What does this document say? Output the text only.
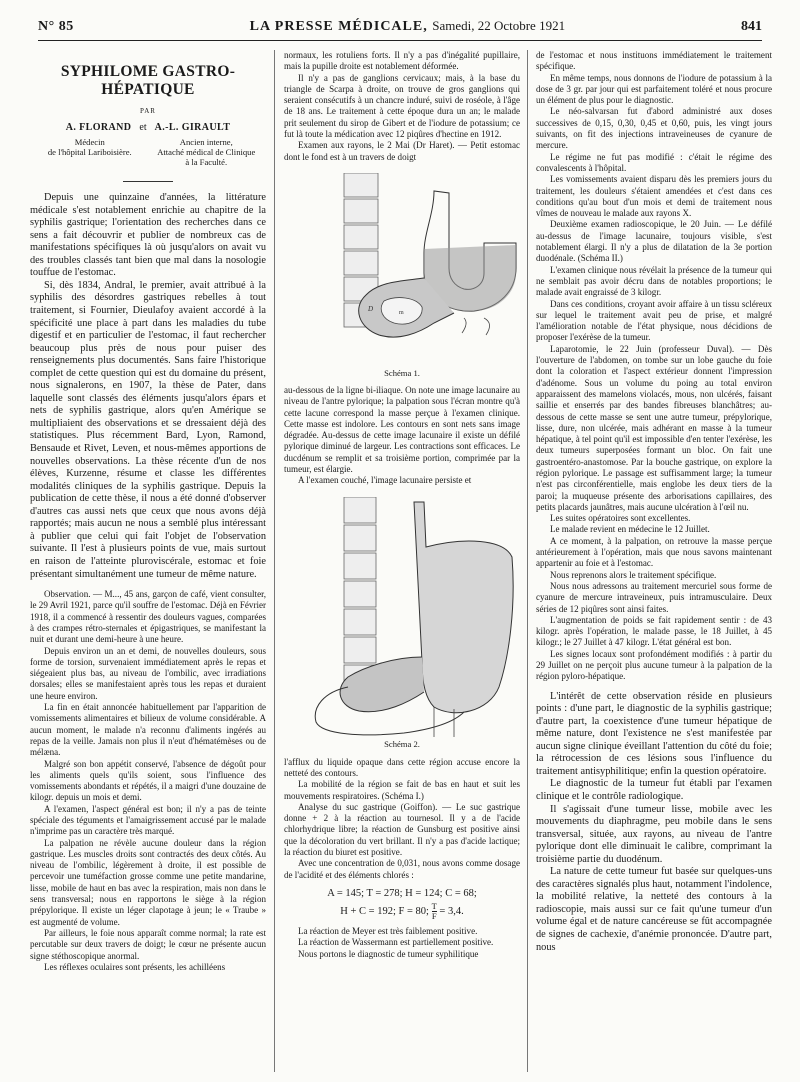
N° 85	LA PRESSE MÉDICALE, Samedi, 22 Octobre 1921	841
SYPHILOME GASTRO-HÉPATIQUE
PAR
A. FLORAND et A.-L. GIRAULT
Médecin
de l'hôpital Lariboisière.
Ancien interne,
Attaché médical de Clinique
à la Faculté.

Depuis une quinzaine d'années, la littérature médicale s'est notablement enrichie au chapitre de la syphilis gastrique; l'orientation des recherches dans ce sens a fait découvrir et publier de nombreux cas de manifestations spécifiques là où jusqu'alors on avait vu des troubles classés tant bien que mal dans la nosologie touffue de l'estomac.

Si, dès 1834, Andral, le premier, avait attribué à la syphilis des désordres gastriques rebelles à tout traitement, si Fournier, Dieulafoy avaient accordé à la spécificité une place à part dans les maladies du tube digestif et en particulier de l'estomac, il faut rechercher beaucoup plus près de nous pour puiser des renseignements plus documentés. Sans faire l'historique complet de cette question qui est du domaine du présent, nous signalerons, en 1907, la thèse de Pater, dans laquelle sont classés des éléments jusqu'alors épars et nets de syphilis gastrique, alors qu'en Amérique se multipliaient des observations et se dressaient déjà des statistiques. Plus récemment Bard, Lyon, Ramond, Bensaude et Rivet, Leven, et nous-mêmes apportions de nouvelles observations. La thèse récente d'un de nos élèves, Kurzenne, résume et classe les différentes modalités cliniques de la syphilis gastrique. Depuis la publication de cette thèse, il nous a été donné d'observer d'autres cas aussi nets que ceux que nous avons déjà rapportés; mais aucun ne nous a semblé plus intéressant à publier que celui qui fait l'objet de l'observation suivante. Il l'est à plusieurs points de vue, mais surtout en raison de l'atteinte pluroviscérale, estomac et foie présentant simultanément une tumeur de même nature.

Observation. — M..., 45 ans, garçon de café, vient consulter, le 29 Avril 1921, parce qu'il souffre de l'estomac. Déjà en Février 1918, il a commencé à ressentir des douleurs vagues, comparées à des crampes rétro-sternales et épigastriques, se manifestant la nuit et durant une demi-heure à une heure.

Depuis environ un an et demi, de nouvelles douleurs, sous forme de torsion, survenaient immédiatement après le repas et siégeaient plus bas, au niveau de l'ombilic, avec irradiations dorsales; elles se manifestaient après tous les repas et duraient une heure environ.

La fin en était annoncée habituellement par l'apparition de vomissements alimentaires et bilieux de volume considérable. A aucun moment, le malade n'a reconnu d'aliments ingérés au repas de la veille. Jamais non plus il n'eut d'hématémèses ou de mélæna.

Malgré son bon appétit conservé, l'absence de dégoût pour les aliments quels qu'ils soient, sous l'influence des vomissements abondants et répétés, il a maigri d'une douzaine de kilogr. depuis un mois et demi.

A l'examen, l'aspect général est bon; il n'y a pas de teinte spéciale des téguments et l'amaigrissement accusé par le malade n'imprime pas un caractère très marqué.

La palpation ne révèle aucune douleur dans la région gastrique. Les muscles droits sont contractés des deux côtés. Au niveau de l'ombilic, légèrement à droite, il est possible de percevoir une tuméfaction grosse comme une petite mandarine, lisse, mobile de haut en bas avec la respiration, mais non dans le sens transversal; nous en rapportons le siège à la région prépylorique. Il existe un léger clapotage à jeun; le « Traube » est augmenté de volume.

Par ailleurs, le foie nous apparaît comme normal; la rate est percutable sur deux travers de doigt; le cœur ne présente aucun signe stéthoscopique anormal.

Les réflexes oculaires sont présents, les achilléens

normaux, les rotuliens forts. Il n'y a pas d'inégalité pupillaire, mais la pupille droite est notablement déformée.

Il n'y a pas de ganglions cervicaux; mais, à la base du triangle de Scarpa à droite, on trouve de gros ganglions qui seraient consécutifs à un chancre induré, suivi de roséole, à l'âge de 18 ans. Le traitement à cette époque dura un an; le malade prit seulement du sirop de Gibert et de l'iodure de potassium; ce fut là toute la médication avec 12 piqûres d'hectine en 1912.

Examen aux rayons, le 2 Mai (Dr Haret). — Petit estomac dont le fond est à un travers de doigt

D	m
Schéma 1.

au-dessous de la ligne bi-iliaque. On note une image lacunaire au niveau de l'antre pylorique; la palpation sous l'écran montre qu'à cette lacune correspond la masse perçue à l'examen clinique. Cette masse est indolore. Les contours en sont nets sans image dégradée. Au-dessus de cette image lacunaire il existe un défilé pylorique diminué de largeur. Les contractions sont efficaces. Le ducdénum se remplit et sa troisième portion, comprimée par la tumeur, est élargie.

A l'examen couché, l'image lacunaire persiste et

Schéma 2.

l'afflux du liquide opaque dans cette région accuse encore la netteté des contours.

La mobilité de la région se fait de bas en haut et suit les mouvements respiratoires. (Schéma I.)

Analyse du suc gastrique (Goiffon). — Le suc gastrique donne + 2 à la réaction au tournesol. Il y a de l'acide chlorhydrique libre; la réaction de Gunsburg est positive ainsi que la décoloration du vert brillant. Il n'y a pas d'acide lactique; la réaction du biuret est positive.

Avec une concentration de 0,031, nous avons comme dosage de l'acidité et des éléments chlorés :

A = 145; T = 278; H = 124; C = 68;
H + C = 192; F = 80; $\frac{T}{F} = 3,4$.

La réaction de Meyer est très faiblement positive.

La réaction de Wassermann est partiellement positive.

Nous portons le diagnostic de tumeur syphilitique

de l'estomac et nous instituons immédiatement le traitement spécifique.

En même temps, nous donnons de l'iodure de potassium à la dose de 3 gr. par jour qui est parfaitement toléré et nous procure un élément de plus pour le diagnostic.

Le néo-salvarsan fut d'abord administré aux doses successives de 0,15, 0,30, 0,45 et 0,60, puis, les vingt jours suivants, on fit des injections intraveineuses de cyanure de mercure.

Le régime ne fut pas modifié : c'était le régime des convalescents à l'hôpital.

Les vomissements avaient disparu dès les premiers jours du traitement, les douleurs s'étaient amendées et c'est dans ces conditions qu'au bout d'un mois et demi de traitement nous vîmes de nouveau le malade aux rayons X.

Deuxième examen radioscopique, le 20 Juin. — Le défilé au-dessus de l'image lacunaire, toujours visible, s'est notablement élargi. Il n'y a plus de dilatation de la 3e portion duodénale. (Schéma II.)

L'examen clinique nous révélait la présence de la tumeur qui ne semblait pas avoir décru dans de notables proportions; le malade avait engraissé de 3 kilogr.

Dans ces conditions, croyant avoir affaire à un tissu scléreux sur lequel le traitement avait peu de prise, et malgré l'amélioration notable de l'état physique, nous décidions de proposer l'exérèse de la tumeur.

Laparotomie, le 22 Juin (professeur Duval). — Dès l'ouverture de l'abdomen, on tombe sur un lobe gauche du foie dont la coloration et l'aspect extérieur donnent l'impression d'adénome. Sous un volume du poing au total environ apparaissent des mamelons violacés, mous, non ulcérés, faisant saillie et enserrés par des bandes fibreuses blanchâtres; au-dessous de cette masse se sent une autre tumeur, prépylorique, lisse, dure, non ulcérée, mais adhérant en masse à la tumeur hépatique, à tel point qu'il est impossible d'en tenter l'exérèse, les deux tumeurs superposées formant un bloc. On fait une gastroentéro-anastomose. Par la bouche gastrique, on explore la région pylorique. Le passage est suffisamment large; la tumeur n'est pas circonférentielle, mais englobe les deux tiers de la paroi; la muqueuse présente des arborisations capillaires, des petits placards jaunâtres, mais aucune ulcération à l'œil nu.

Les suites opératoires sont excellentes.

Le malade revient en médecine le 12 Juillet.

A ce moment, à la palpation, on retrouve la masse perçue antérieurement à l'opération, mais que nous savons maintenant appartenir au foie et à l'estomac.

Nous reprenons alors le traitement spécifique.

Nous nous adressons au traitement mercuriel sous forme de cyanure de mercure intraveineux, puis intramusculaire. Deux séries de 12 piqûres sont ainsi faites.

L'augmentation de poids se fait rapidement sentir : de 43 kilogr. après l'opération, le malade passe, le 18 Juillet, à 45 kilogr.; le 27 Juillet à 47 kilogr. L'état général est bon.

Les signes locaux sont profondément modifiés : à partir du 29 Juillet on ne perçoit plus aucune tumeur à la palpation de la région pyloro-hépatique.

L'intérêt de cette observation réside en plusieurs points : d'une part, le diagnostic de la syphilis gastrique; d'autre part, la coexistence d'une tumeur hépatique de même nature, dont l'existence ne s'est manifestée par aucun signe clinique éveillant l'attention du côté du foie; la rétrocession de ces lésions sous l'influence du traitement antisyphilitique; enfin la question opératoire.

Le diagnostic de la tumeur fut établi par l'examen clinique et le contrôle radiologique.

Il s'agissait d'une tumeur lisse, mobile avec les mouvements du diaphragme, peu mobile dans le sens transversal, située, aux rayons, au niveau de l'antre pylorique dont elle diminuait le calibre, comprimant la troisième partie du duodénum.

La nature de cette tumeur fut basée sur quelques-uns des caractères signalés plus haut, notamment l'indolence, la mobilité relative, la netteté des contours à la radioscopie, mais aussi sur ce fait qu'une tumeur d'un volume égal et de nature cancéreuse se fût accompagnée de signes de cachexie, d'anémie prononcée. D'autre part, nous
